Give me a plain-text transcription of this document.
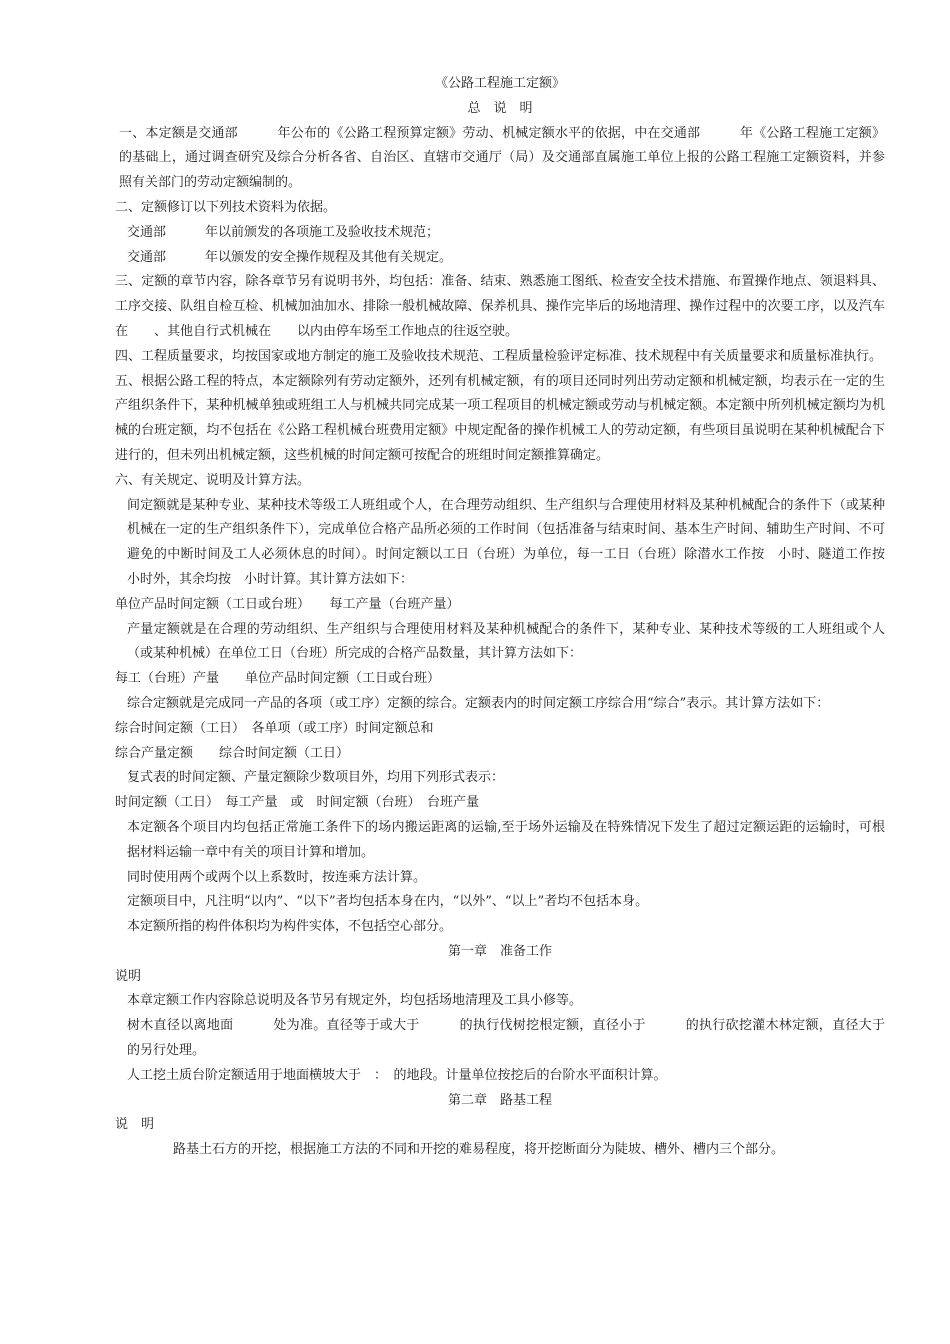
《公路工程施工定额》

总　说　明

一、本定额是交通部　　　年公布的《公路工程预算定额》劳动、机械定额水平的依据，中在交通部　　　年《公路工程施工定额》的基础上，通过调查研究及综合分析各省、自治区、直辖市交通厅（局）及交通部直属施工单位上报的公路工程施工定额资料，并参照有关部门的劳动定额编制的。

二、定额修订以下列技术资料为依据。

交通部　　　年以前颁发的各项施工及验收技术规范；

交通部　　　年以颁发的安全操作规程及其他有关规定。

三、定额的章节内容，除各章节另有说明书外，均包括：准备、结束、熟悉施工图纸、检查安全技术措施、布置操作地点、领退料具、工序交接、队组自检互检、机械加油加水、排除一般机械故障、保养机具、操作完毕后的场地清理、操作过程中的次要工序，以及汽车在　　、其他自行式机械在　　以内由停车场至工作地点的往返空驶。

四、工程质量要求，均按国家或地方制定的施工及验收技术规范、工程质量检验评定标准、技术规程中有关质量要求和质量标准执行。

五、根据公路工程的特点，本定额除列有劳动定额外，还列有机械定额，有的项目还同时列出劳动定额和机械定额，均表示在一定的生产组织条件下，某种机械单独或班组工人与机械共同完成某一项工程项目的机械定额或劳动与机械定额。本定额中所列机械定额均为机械的台班定额，均不包括在《公路工程机械台班费用定额》中规定配备的操作机械工人的劳动定额，有些项目虽说明在某种机械配合下进行的，但未列出机械定额，这些机械的时间定额可按配合的班组时间定额推算确定。

六、有关规定、说明及计算方法。

间定额就是某种专业、某种技术等级工人班组或个人，在合理劳动组织、生产组织与合理使用材料及某种机械配合的条件下（或某种机械在一定的生产组织条件下），完成单位合格产品所必须的工作时间（包括准备与结束时间、基本生产时间、辅助生产时间、不可避免的中断时间及工人必须休息的时间）。时间定额以工日（台班）为单位，每一工日（台班）除潜水工作按　小时、隧道工作按　小时外，其余均按　小时计算。其计算方法如下：

单位产品时间定额（工日或台班）　　每工产量（台班产量）

产量定额就是在合理的劳动组织、生产组织与合理使用材料及某种机械配合的条件下，某种专业、某种技术等级的工人班组或个人（或某种机械）在单位工日（台班）所完成的合格产品数量，其计算方法如下：

每工（台班）产量　　单位产品时间定额（工日或台班）

综合定额就是完成同一产品的各项（或工序）定额的综合。定额表内的时间定额工序综合用“综合”表示。其计算方法如下：

综合时间定额（工日）　各单项（或工序）时间定额总和

综合产量定额　　综合时间定额（工日）

复式表的时间定额、产量定额除少数项目外，均用下列形式表示：

时间定额（工日）　每工产量　或　时间定额（台班）　台班产量

本定额各个项目内均包括正常施工条件下的场内搬运距离的运输,至于场外运输及在特殊情况下发生了超过定额运距的运输时，可根据材料运输一章中有关的项目计算和增加。

同时使用两个或两个以上系数时，按连乘方法计算。

定额项目中，凡注明“以内”、“以下”者均包括本身在内，“以外”、“以上”者均不包括本身。

本定额所指的构件体积均为构件实体，不包括空心部分。

第一章　准备工作

说明

本章定额工作内容除总说明及各节另有规定外，均包括场地清理及工具小修等。

树木直径以离地面　　　处为准。直径等于或大于　　　的执行伐树挖根定额，直径小于　　　的执行砍挖灌木林定额，直径大于　　　的另行处理。

人工挖土质台阶定额适用于地面横坡大于　：　的地段。计量单位按挖后的台阶水平面积计算。

第二章　路基工程

说　明

路基土石方的开挖，根据施工方法的不同和开挖的难易程度，将开挖断面分为陡坡、槽外、槽内三个部分。
